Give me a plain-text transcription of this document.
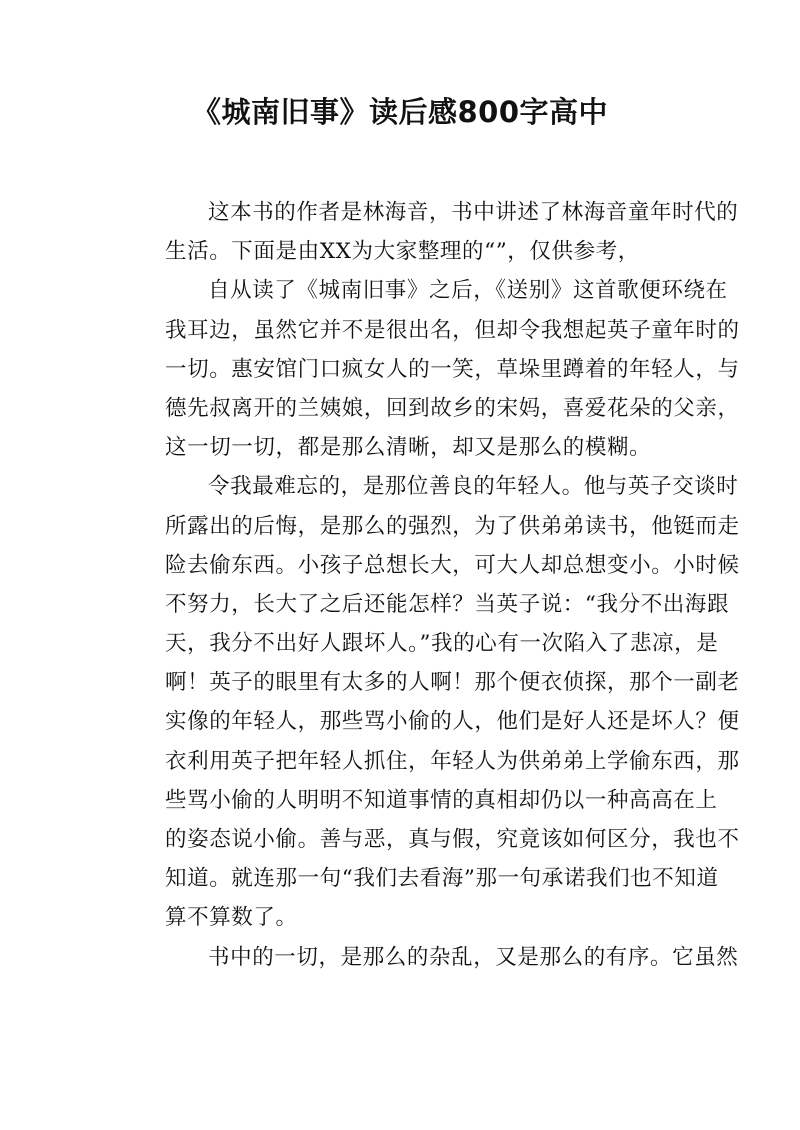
《城南旧事》读后感800字高中
这本书的作者是林海音，书中讲述了林海音童年时代的
生活。下面是由XX为大家整理的“”，仅供参考，
自从读了《城南旧事》之后，《送别》这首歌便环绕在
我耳边，虽然它并不是很出名，但却令我想起英子童年时的
一切。惠安馆门口疯女人的一笑，草垛里蹲着的年轻人，与
德先叔离开的兰姨娘，回到故乡的宋妈，喜爱花朵的父亲，
这一切一切，都是那么清晰，却又是那么的模糊。
令我最难忘的，是那位善良的年轻人。他与英子交谈时
所露出的后悔，是那么的强烈，为了供弟弟读书，他铤而走
险去偷东西。小孩子总想长大，可大人却总想变小。小时候
不努力，长大了之后还能怎样？当英子说：“我分不出海跟
天，我分不出好人跟坏人。”我的心有一次陷入了悲凉，是
啊！英子的眼里有太多的人啊！那个便衣侦探，那个一副老
实像的年轻人，那些骂小偷的人，他们是好人还是坏人？便
衣利用英子把年轻人抓住，年轻人为供弟弟上学偷东西，那
些骂小偷的人明明不知道事情的真相却仍以一种高高在上
的姿态说小偷。善与恶，真与假，究竟该如何区分，我也不
知道。就连那一句“我们去看海”那一句承诺我们也不知道
算不算数了。
书中的一切，是那么的杂乱，又是那么的有序。它虽然
